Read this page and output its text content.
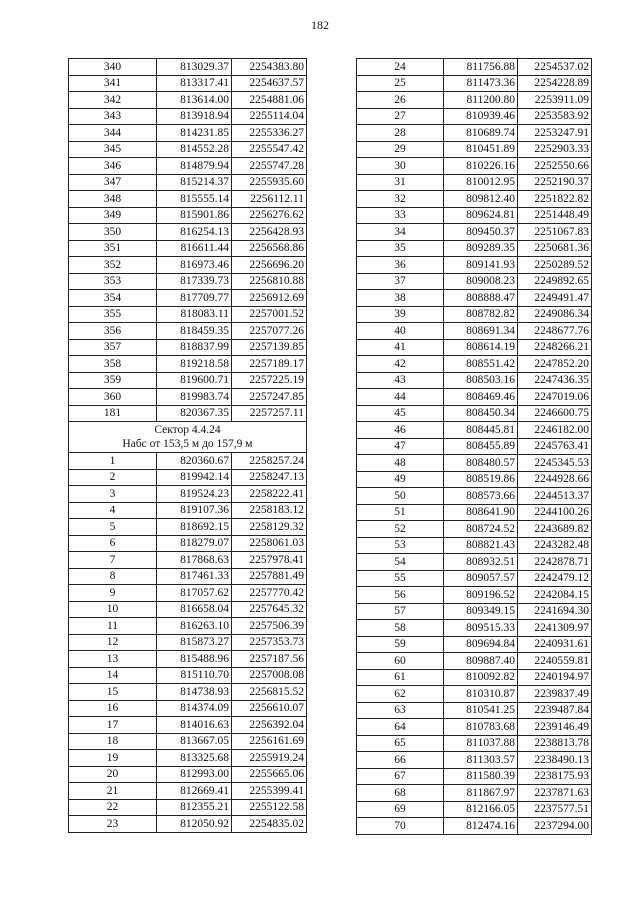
182
340	813029.37	2254383.80
341	813317.41	2254637.57
342	813614.00	2254881.06
343	813918.94	2255114.04
344	814231.85	2255336.27
345	814552.28	2255547.42
346	814879.94	2255747.28
347	815214.37	2255935.60
348	815555.14	2256112.11
349	815901.86	2256276.62
350	816254.13	2256428.93
351	816611.44	2256568.86
352	816973.46	2256696.20
353	817339.73	2256810.88
354	817709.77	2256912.69
355	818083.11	2257001.52
356	818459.35	2257077.26
357	818837.99	2257139.85
358	819218.58	2257189.17
359	819600.71	2257225.19
360	819983.74	2257247.85
181	820367.35	2257257.11

Сектор 4.4.24
Набс от 153,5 м до 157,9 м		

1	820360.67	2258257.24
2	819942.14	2258247.13
3	819524.23	2258222.41
4	819107.36	2258183.12
5	818692.15	2258129.32
6	818279.07	2258061.03
7	817868.63	2257978.41
8	817461.33	2257881.49
9	817057.62	2257770.42
10	816658.04	2257645.32
11	816263.10	2257506.39
12	815873.27	2257353.73
13	815488.96	2257187.56
14	815110.70	2257008.08
15	814738.93	2256815.52
16	814374.09	2256610.07
17	814016.63	2256392.04
18	813667.05	2256161.69
19	813325.68	2255919.24
20	812993.00	2255665.06
21	812669.41	2255399.41
22	812355.21	2255122.58
23	812050.92	2254835.02
24	811756.88	2254537.02
25	811473.36	2254228.89
26	811200.80	2253911.09
27	810939.46	2253583.92
28	810689.74	2253247.91
29	810451.89	2252903.33
30	810226.16	2252550.66
31	810012.95	2252190.37
32	809812.40	2251822.82
33	809624.81	2251448.49
34	809450.37	2251067.83
35	809289.35	2250681.36
36	809141.93	2250289.52
37	809008.23	2249892.65
38	808888.47	2249491.47
39	808782.82	2249086.34
40	808691.34	2248677.76
41	808614.19	2248266.21
42	808551.42	2247852.20
43	808503.16	2247436.35
44	808469.46	2247019.06
45	808450.34	2246600.75
46	808445.81	2246182.00
47	808455.89	2245763.41
48	808480.57	2245345.53
49	808519.86	2244928.66
50	808573.66	2244513.37
51	808641.90	2244100.26
52	808724.52	2243689.82
53	808821.43	2243282.48
54	808932.51	2242878.71
55	809057.57	2242479.12
56	809196.52	2242084.15
57	809349.15	2241694.30
58	809515.33	2241309.97
59	809694.84	2240931.61
60	809887.40	2240559.81
61	810092.82	2240194.97
62	810310.87	2239837.49
63	810541.25	2239487.84
64	810783.68	2239146.49
65	811037.88	2238813.78
66	811303.57	2238490.13
67	811580.39	2238175.93
68	811867.97	2237871.63
69	812166.05	2237577.51
70	812474.16	2237294.00
